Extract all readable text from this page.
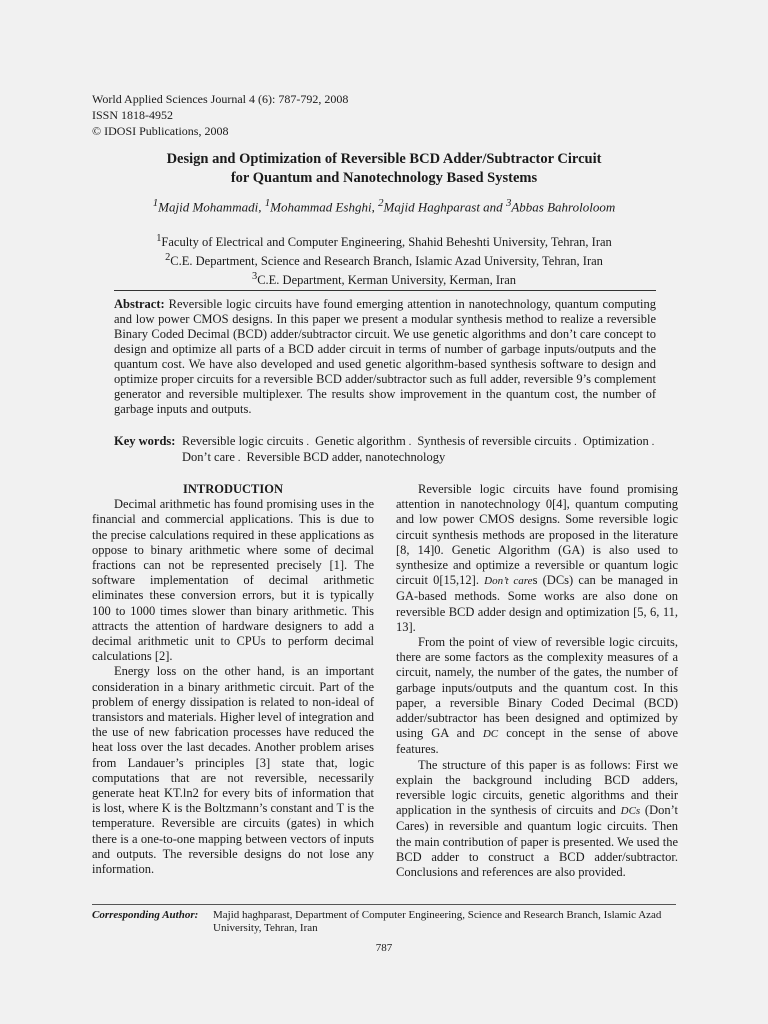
World Applied Sciences Journal 4 (6): 787-792, 2008
ISSN 1818-4952
© IDOSI Publications, 2008
Design and Optimization of Reversible BCD Adder/Subtractor Circuit
for Quantum and Nanotechnology Based Systems
$^1$Majid Mohammadi, $^1$Mohammad Eshghi, $^2$Majid Haghparast and $^3$Abbas Bahrololoom
$^1$Faculty of Electrical and Computer Engineering, Shahid Beheshti University, Tehran, Iran
$^2$C.E. Department, Science and Research Branch, Islamic Azad University, Tehran, Iran
$^3$C.E. Department, Kerman University, Kerman, Iran
Abstract: Reversible logic circuits have found emerging attention in nanotechnology, quantum computing and low power CMOS designs. In this paper we present a modular synthesis method to realize a reversible Binary Coded Decimal (BCD) adder/subtractor circuit. We use genetic algorithms and don’t care concept to design and optimize all parts of a BCD adder circuit in terms of number of garbage inputs/outputs and the quantum cost. We have also developed and used genetic algorithm-based synthesis software to design and optimize proper circuits for a reversible BCD adder/subtractor such as full adder, reversible 9’s complement generator and reversible multiplexer. The results show improvement in the quantum cost, the number of garbage inputs and outputs.
Key words: Reversible logic circuits . Genetic algorithm . Synthesis of reversible circuits . Optimization . Don’t care . Reversible BCD adder, nanotechnology

INTRODUCTION

Decimal arithmetic has found promising uses in the financial and commercial applications. This is due to the precise calculations required in these applications as oppose to binary arithmetic where some of decimal fractions can not be represented precisely [1]. The software implementation of decimal arithmetic eliminates these conversion errors, but it is typically 100 to 1000 times slower than binary arithmetic. This attracts the attention of hardware designers to add a decimal arithmetic unit to CPUs to perform decimal calculations [2].

Energy loss on the other hand, is an important consideration in a binary arithmetic circuit. Part of the problem of energy dissipation is related to non-ideal of transistors and materials. Higher level of integration and the use of new fabrication processes have reduced the heat loss over the last decades. Another problem arises from Landauer’s principles [3] state that, logic computations that are not reversible, necessarily generate heat KT.ln2 for every bits of information that is lost, where K is the Boltzmann’s constant and T is the temperature. Reversible are circuits (gates) in which there is a one-to-one mapping between vectors of inputs and outputs. The reversible designs do not lose any information.

Reversible logic circuits have found promising attention in nanotechnology 0[4], quantum computing and low power CMOS designs. Some reversible logic circuit synthesis methods are proposed in the literature [8, 14]0. Genetic Algorithm (GA) is also used to synthesize and optimize a reversible or quantum logic circuit 0[15,12]. Don’t cares (DCs) can be managed in GA-based methods. Some works are also done on reversible BCD adder design and optimization [5, 6, 11, 13].

From the point of view of reversible logic circuits, there are some factors as the complexity measures of a circuit, namely, the number of the gates, the number of garbage inputs/outputs and the quantum cost. In this paper, a reversible Binary Coded Decimal (BCD) adder/subtractor has been designed and optimized by using GA and DC concept in the sense of above features.

The structure of this paper is as follows: First we explain the background including BCD adders, reversible logic circuits, genetic algorithms and their application in the synthesis of circuits and DCs (Don’t Cares) in reversible and quantum logic circuits. Then the main contribution of paper is presented. We used the BCD adder to construct a BCD adder/subtractor. Conclusions and references are also provided.

Corresponding Author: Majid haghparast, Department of Computer Engineering, Science and Research Branch, Islamic Azad University, Tehran, Iran
787
